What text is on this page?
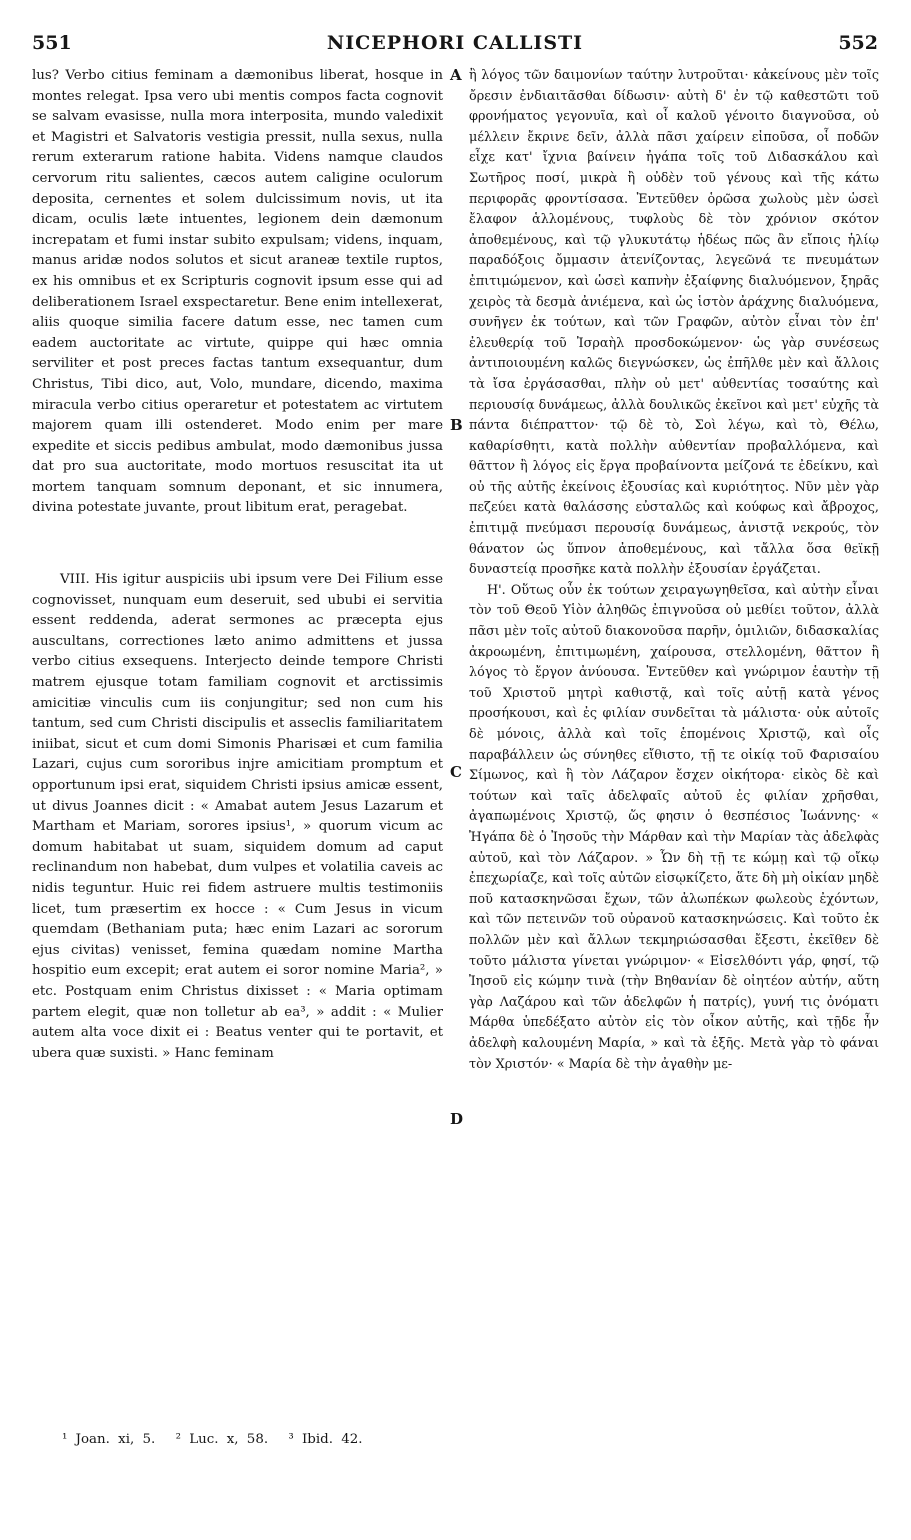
551	NICEPHORI CALLISTI	552

lus? Verbo citius feminam a dæmonibus liberat, hosque in montes relegat. Ipsa vero ubi mentis compos facta cognovit se salvam evasisse, nulla mora interposita, mundo valedixit et Magistri et Salvatoris vestigia pressit, nulla sexus, nulla rerum exterarum ratione habita. Videns namque claudos cervorum ritu salientes, cæcos autem caligine oculorum deposita, cernentes et solem dulcissimum novis, ut ita dicam, oculis læte intuentes, legionem dein dæmonum increpatam et fumi instar subito expulsam; videns, inquam, manus aridæ nodos solutos et sicut araneæ textile ruptos, ex his omnibus et ex Scripturis cognovit ipsum esse qui ad deliberationem Israel exspectaretur. Bene enim intellexerat, aliis quoque similia facere datum esse, nec tamen cum eadem auctoritate ac virtute, quippe qui hæc omnia serviliter et post preces factas tantum exsequantur, dum Christus, Tibi dico, aut, Volo, mundare, dicendo, maxima miracula verbo citius operaretur et potestatem ac virtutem majorem quam illi ostenderet. Modo enim per mare expedite et siccis pedibus ambulat, modo dæmonibus jussa dat pro sua auctoritate, modo mortuos resuscitat ita ut mortem tanquam somnum deponant, et sic innumera, divina potestate juvante, prout libitum erat, peragebat.

VIII. His igitur auspiciis ubi ipsum vere Dei Filium esse cognovisset, nunquam eum deseruit, sed ububi ei servitia essent reddenda, aderat sermones ac præcepta ejus auscultans, correctiones læto animo admittens et jussa verbo citius exsequens. Interjecto deinde tempore Christi matrem ejusque totam familiam cognovit et arctissimis amicitiæ vinculis cum iis conjungitur; sed non cum his tantum, sed cum Christi discipulis et asseclis familiaritatem iniibat, sicut et cum domi Simonis Pharisæi et cum familia Lazari, cujus cum sororibus injre amicitiam promptum et opportunum ipsi erat, siquidem Christi ipsius amicæ essent, ut divus Joannes dicit : « Amabat autem Jesus Lazarum et Martham et Mariam, sorores ipsius¹, » quorum vicum ac domum habitabat ut suam, siquidem domum ad caput reclinandum non habebat, dum vulpes et volatilia caveis ac nidis teguntur. Huic rei fidem astruere multis testimoniis licet, tum præsertim ex hocce : « Cum Jesus in vicum quemdam (Bethaniam puta; hæc enim Lazari ac sororum ejus civitas) venisset, femina quædam nomine Martha hospitio eum excepit; erat autem ei soror nomine Maria², » etc. Postquam enim Christus dixisset : « Maria optimam partem elegit, quæ non tolletur ab ea³, » addit : « Mulier autem alta voce dixit ei : Beatus venter qui te portavit, et ubera quæ suxisti. » Hanc feminam

A
B
C
D

ἢ λόγος τῶν δαιμονίων ταύτην λυτροῦται· κἀκείνους μὲν τοῖς ὄρεσιν ἐνδιαιτᾶσθαι δίδωσιν· αὐτὴ δ' ἐν τῷ καθεστῶτι τοῦ φρονήματος γεγονυῖα, καὶ οἷ καλοῦ γένοιτο διαγνοῦσα, οὐ μέλλειν ἔκρινε δεῖν, ἀλλὰ πᾶσι χαίρειν εἰποῦσα, οἷ ποδῶν εἶχε κατ' ἴχνια βαίνειν ἠγάπα τοῖς τοῦ Διδασκάλου καὶ Σωτῆρος ποσί, μικρὰ ἢ οὐδὲν τοῦ γένους καὶ τῆς κάτω περιφορᾶς φροντίσασα. Ἐντεῦθεν ὁρῶσα χωλοὺς μὲν ὡσεὶ ἔλαφον ἁλλομένους, τυφλοὺς δὲ τὸν χρόνιον σκότον ἀποθεμένους, καὶ τῷ γλυκυτάτῳ ἡδέως πῶς ἂν εἴποις ἡλίῳ παραδόξοις ὄμμασιν ἀτενίζοντας, λεγεῶνά τε πνευμάτων ἐπιτιμώμενον, καὶ ὡσεὶ καπνὴν ἐξαίφνης διαλυόμενον, ξηρᾶς χειρὸς τὰ δεσμὰ ἀνιέμενα, καὶ ὡς ἱστὸν ἀράχνης διαλυόμενα, συνῆγεν ἐκ τούτων, καὶ τῶν Γραφῶν, αὐτὸν εἶναι τὸν ἐπ' ἐλευθερίᾳ τοῦ Ἰσραὴλ προσδοκώμενον· ὡς γὰρ συνέσεως ἀντιποιουμένη καλῶς διεγνώσκεν, ὡς ἐπῆλθε μὲν καὶ ἄλλοις τὰ ἴσα ἐργάσασθαι, πλὴν οὐ μετ' αὐθεντίας τοσαύτης καὶ περιουσίᾳ δυνάμεως, ἀλλὰ δουλικῶς ἐκεῖνοι καὶ μετ' εὐχῆς τὰ πάντα διέπραττον· τῷ δὲ τὸ, Σοὶ λέγω, καὶ τὸ, Θέλω, καθαρίσθητι, κατὰ πολλὴν αὐθεντίαν προβαλλόμενα, καὶ θᾶττον ἢ λόγος εἰς ἔργα προβαίνοντα μείζονά τε ἐδείκνυ, καὶ οὐ τῆς αὐτῆς ἐκείνοις ἐξουσίας καὶ κυριότητος. Νῦν μὲν γὰρ πεζεύει κατὰ θαλάσσης εὐσταλῶς καὶ κούφως καὶ ἄβροχος, ἐπιτιμᾷ πνεύμασι περουσίᾳ δυνάμεως, ἀνιστᾷ νεκρούς, τὸν θάνατον ὡς ὕπνον ἀποθεμένους, καὶ τἄλλα ὅσα θεϊκῇ δυναστείᾳ προσῆκε κατὰ πολλὴν ἐξουσίαν ἐργάζεται.

Η'. Οὕτως οὖν ἐκ τούτων χειραγωγηθεῖσα, καὶ αὐτὴν εἶναι τὸν τοῦ Θεοῦ Υἱὸν ἀληθῶς ἐπιγνοῦσα οὐ μεθίει τοῦτον, ἀλλὰ πᾶσι μὲν τοῖς αὐτοῦ διακονοῦσα παρῆν, ὁμιλιῶν, διδασκαλίας ἀκροωμένη, ἐπιτιμωμένη, χαίρουσα, στελλομένη, θᾶττον ἢ λόγος τὸ ἔργον ἀνύουσα. Ἐντεῦθεν καὶ γνώριμον ἑαυτὴν τῇ τοῦ Χριστοῦ μητρὶ καθιστᾷ, καὶ τοῖς αὐτῇ κατὰ γένος προσήκουσι, καὶ ἐς φιλίαν συνδεῖται τὰ μάλιστα· οὐκ αὐτοῖς δὲ μόνοις, ἀλλὰ καὶ τοῖς ἑπομένοις Χριστῷ, καὶ οἷς παραβάλλειν ὡς σύνηθες εἴθιστο, τῇ τε οἰκίᾳ τοῦ Φαρισαίου Σίμωνος, καὶ ἣ τὸν Λάζαρον ἔσχεν οἰκήτορα· εἰκὸς δὲ καὶ τούτων καὶ ταῖς ἀδελφαῖς αὐτοῦ ἐς φιλίαν χρῆσθαι, ἀγαπωμένοις Χριστῷ, ὥς φησιν ὁ θεσπέσιος Ἰωάννης· « Ἠγάπα δὲ ὁ Ἰησοῦς τὴν Μάρθαν καὶ τὴν Μαρίαν τὰς ἀδελφὰς αὐτοῦ, καὶ τὸν Λάζαρον. » Ὧν δὴ τῇ τε κώμῃ καὶ τῷ οἴκῳ ἐπεχωρίαζε, καὶ τοῖς αὐτῶν εἰσῳκίζετο, ἅτε δὴ μὴ οἰκίαν μηδὲ ποῦ κατασκηνῶσαι ἔχων, τῶν ἀλωπέκων φωλεοὺς ἐχόντων, καὶ τῶν πετεινῶν τοῦ οὐρανοῦ κατασκηνώσεις. Καὶ τοῦτο ἐκ πολλῶν μὲν καὶ ἄλλων τεκμηριώσασθαι ἔξεστι, ἐκεῖθεν δὲ τοῦτο μάλιστα γίνεται γνώριμον· « Εἰσελθόντι γάρ, φησί, τῷ Ἰησοῦ εἰς κώμην τινὰ (τὴν Βηθανίαν δὲ οἰητέον αὐτήν, αὕτη γὰρ Λαζάρου καὶ τῶν ἀδελφῶν ἡ πατρίς), γυνή τις ὀνόματι Μάρθα ὑπεδέξατο αὐτὸν εἰς τὸν οἶκον αὐτῆς, καὶ τῇδε ἦν ἀδελφὴ καλουμένη Μαρία, » καὶ τὰ ἑξῆς. Μετὰ γὰρ τὸ φάναι τὸν Χριστόν· « Μαρία δὲ τὴν ἀγαθὴν με-

¹ Joan. xi, 5. ² Luc. x, 58. ³ Ibid. 42.
